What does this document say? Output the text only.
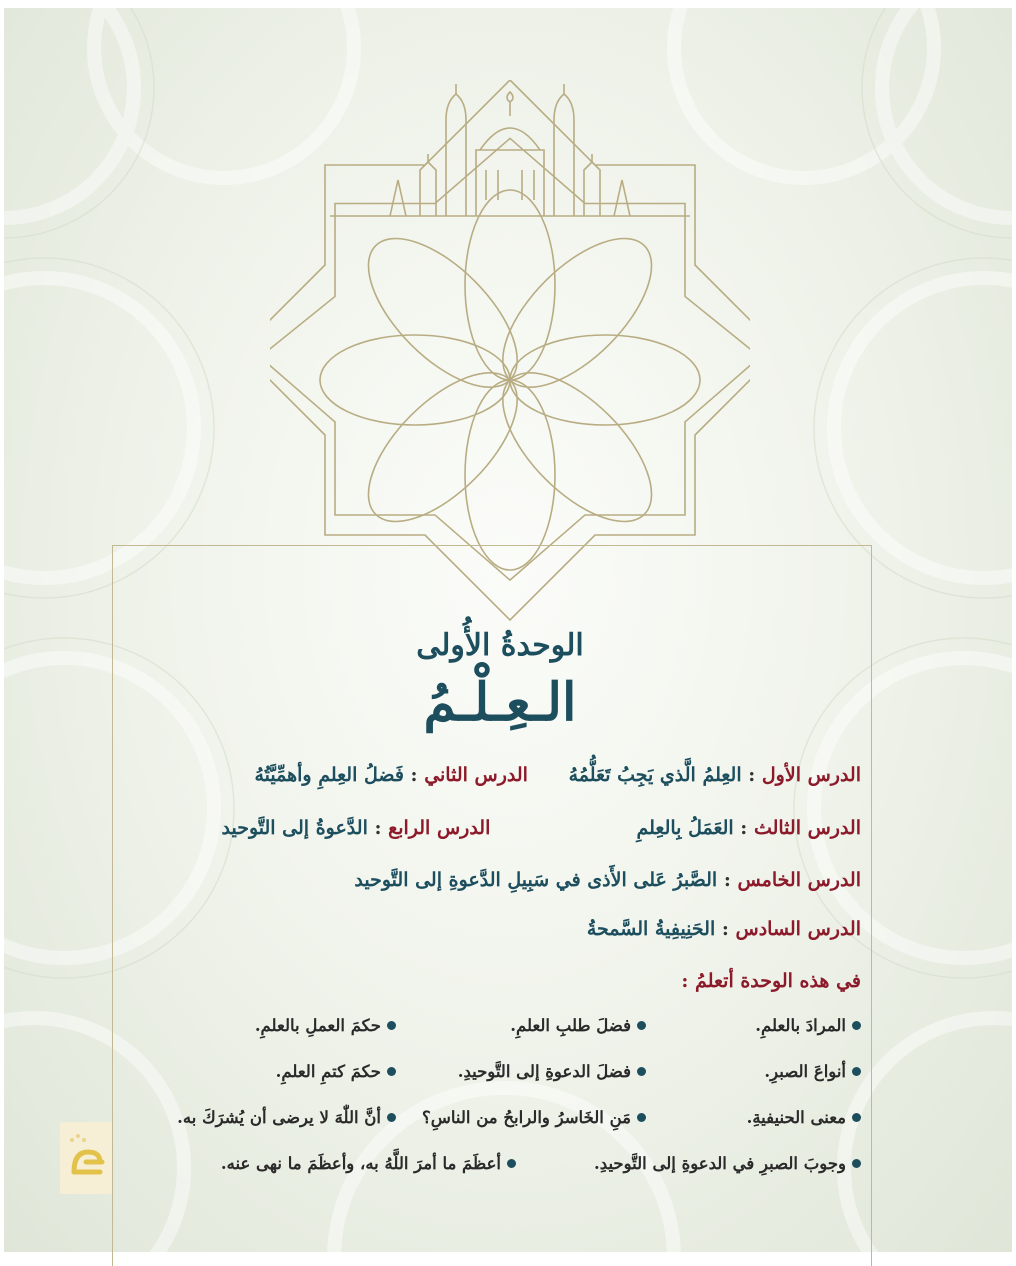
الوحدةُ الأُولى
الـعِـلْـمُ
الدرس الأول : العِلمُ الَّذي يَجِبُ تَعَلُّمُهُ الدرس الثاني : فَضلُ العِلمِ وأهمِّيَّتُهُ
الدرس الثالث : العَمَلُ بِالعِلمِ الدرس الرابع : الدَّعوةُ إلى التَّوحيد
الدرس الخامس : الصَّبرُ عَلى الأَذى في سَبِيلِ الدَّعوةِ إلى التَّوحيد
الدرس السادس : الحَنِيفِيةُ السَّمحةُ
في هذه الوحدة أتعلمُ :
المرادَ بالعلمِ.
فضلَ طلبِ العلمِ.
حكمَ العملِ بالعلمِ.
أنواعَ الصبرِ.
فضلَ الدعوةِ إلى التَّوحيدِ.
حكمَ كتمِ العلمِ.
معنى الحنيفيةِ.
مَنِ الخَاسرُ والرابحُ من الناسِ؟
أنَّ اللّٰهَ لا يرضى أن يُشرَكَ به.
وجوبَ الصبرِ في الدعوةِ إلى التَّوحيدِ.
أعظَمَ ما أمرَ اللَّهُ به، وأعظَمَ ما نهى عنه.
